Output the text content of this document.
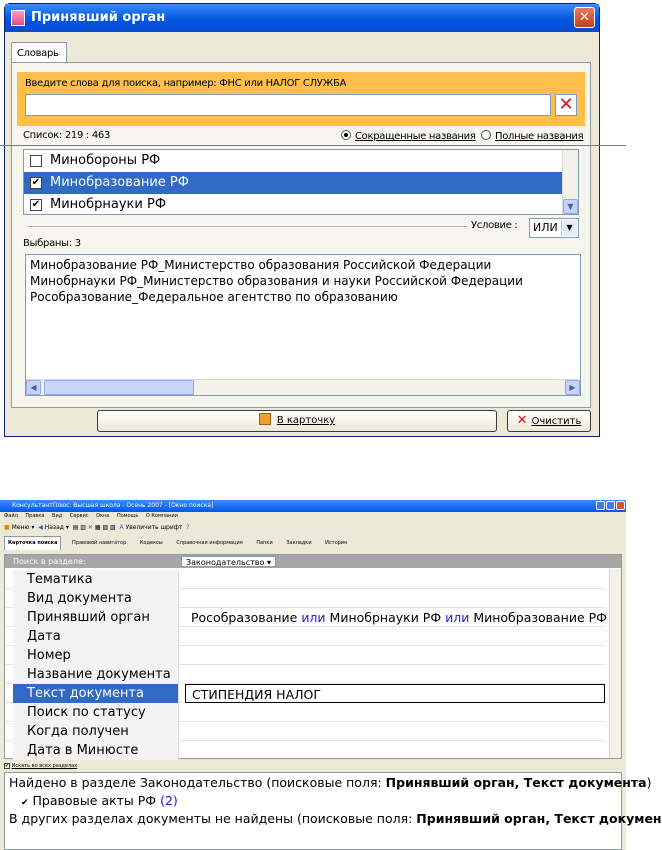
Принявший орган	✕
Словарь
Введите слова для поиска, например: ФНС или НАЛОГ СЛУЖБА
✕
Список: 219 : 463	Сокращенные названия	Полные названия
Минобороны РФ
✔ Минобразование РФ
✔ Минобрнауки РФ	▼
Условие :	ИЛИ	▼
Выбраны: 3
Минобразование РФ_Министерство образования Российской Федерации
Минобрнауки РФ_Министерство образования и науки Российской Федерации
Рособразование_Федеральное агентство по образованию
◀	▶
В карточку	✕ Очистить
КонсультантПлюс: Высшая школа - Осень 2007 - [Окно поиска]
Файл Правка Вид Сервис Окна Помощь О Компании
■ Меню ▾ ◀ Назад ▾ ▤ ▥ ✕ ▦ ▧ ▨ A Увеличить шрифт ?
Карточка поиска	Правовой навигатор	Кодексы	Справочная информация	Папки	Закладки	История
Поиск в разделе:	Законодательство ▾
Тематика
Вид документа
Принявший орган	Рособразование или Минобрнауки РФ или Минобразование РФ
Дата
Номер
Название документа
Текст документа	СТИПЕНДИЯ НАЛОГ
Поиск по статусу
Когда получен
Дата в Минюсте
✔ Искать во всех разделах
Найдено в разделе Законодательство (поисковые поля: Принявший орган, Текст документа)
✔ Правовые акты РФ (2)
В других разделах документы не найдены (поисковые поля: Принявший орган, Текст докумен
